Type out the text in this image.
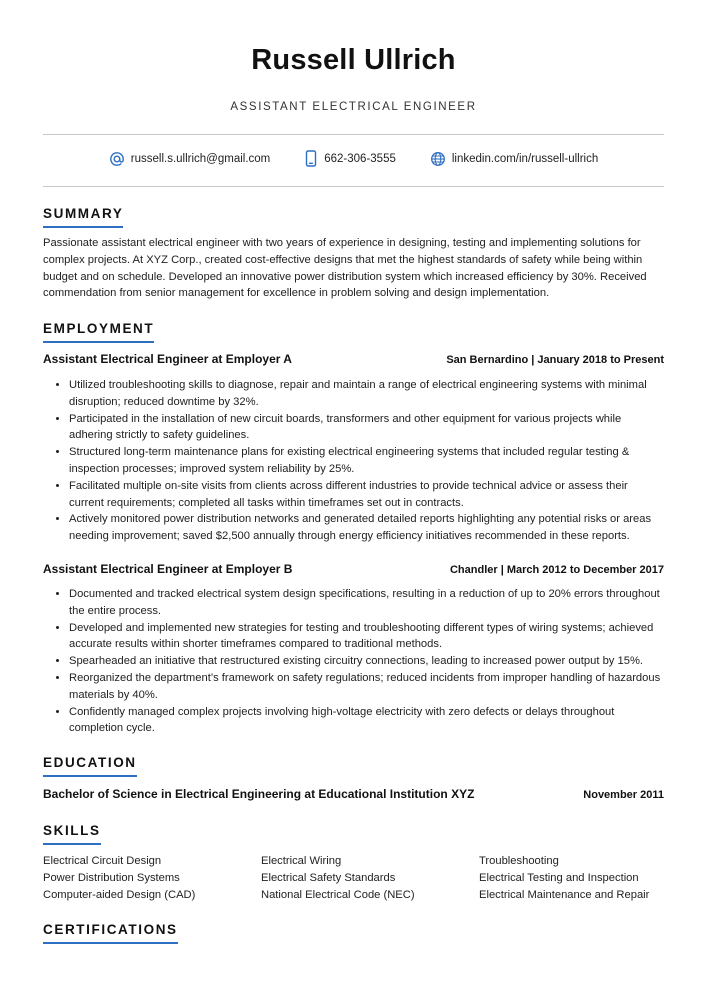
Russell Ullrich
ASSISTANT ELECTRICAL ENGINEER
russell.s.ullrich@gmail.com	662-306-3555	linkedin.com/in/russell-ullrich
SUMMARY
Passionate assistant electrical engineer with two years of experience in designing, testing and implementing solutions for complex projects. At XYZ Corp., created cost-effective designs that met the highest standards of safety while being within budget and on schedule. Developed an innovative power distribution system which increased efficiency by 30%. Received commendation from senior management for excellence in problem solving and design implementation.
EMPLOYMENT
Assistant Electrical Engineer at Employer A	San Bernardino | January 2018 to Present
• Utilized troubleshooting skills to diagnose, repair and maintain a range of electrical engineering systems with minimal disruption; reduced downtime by 32%.
• Participated in the installation of new circuit boards, transformers and other equipment for various projects while adhering strictly to safety guidelines.
• Structured long-term maintenance plans for existing electrical engineering systems that included regular testing & inspection processes; improved system reliability by 25%.
• Facilitated multiple on-site visits from clients across different industries to provide technical advice or assess their current requirements; completed all tasks within timeframes set out in contracts.
• Actively monitored power distribution networks and generated detailed reports highlighting any potential risks or areas needing improvement; saved $2,500 annually through energy efficiency initiatives recommended in these reports.
Assistant Electrical Engineer at Employer B	Chandler | March 2012 to December 2017
• Documented and tracked electrical system design specifications, resulting in a reduction of up to 20% errors throughout the entire process.
• Developed and implemented new strategies for testing and troubleshooting different types of wiring systems; achieved accurate results within shorter timeframes compared to traditional methods.
• Spearheaded an initiative that restructured existing circuitry connections, leading to increased power output by 15%.
• Reorganized the department’s framework on safety regulations; reduced incidents from improper handling of hazardous materials by 40%.
• Confidently managed complex projects involving high-voltage electricity with zero defects or delays throughout completion cycle.
EDUCATION
Bachelor of Science in Electrical Engineering at Educational Institution XYZ	November 2011
SKILLS
Electrical Circuit Design	Electrical Wiring	Troubleshooting
Power Distribution Systems	Electrical Safety Standards	Electrical Testing and Inspection
Computer-aided Design (CAD)	National Electrical Code (NEC)	Electrical Maintenance and Repair
CERTIFICATIONS
